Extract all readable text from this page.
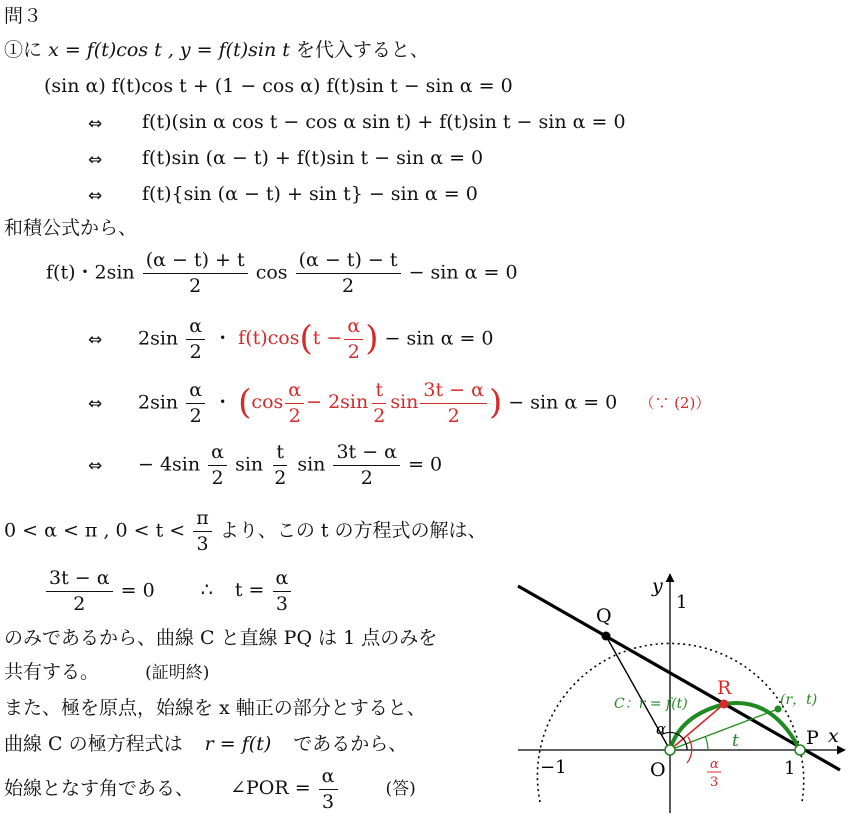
問３
①に x = f(t)cos t , y = f(t)sin t を代入すると、
(sin α) f(t)cos t + (1 − cos α) f(t)sin t − sin α = 0
⇔ f(t)(sin α cos t − cos α sin t) + f(t)sin t − sin α = 0
⇔ f(t)sin (α − t) + f(t)sin t − sin α = 0
⇔ f(t){sin (α − t) + sin t} − sin α = 0
和積公式から、
f(t)・$2\sin \frac{(\alpha - t) + t}{2}$ $\cos \frac{(\alpha - t) - t}{2} - \sin \alpha = 0$
⇔ $2\sin \frac{\alpha}{2}$ ・ $f(t)\cos(t - \frac{\alpha}{2}$ ) − sin α = 0
⇔ $2\sin \frac{\alpha}{2}$ ・ ($\cos \frac{\alpha}{2} - 2\sin \frac{t}{2}$ $\sin \frac{3t - \alpha}{2}$ ) − sin α = 0 （∵ (2)）
⇔ − $4\sin \frac{\alpha}{2}$ $\sin \frac{t}{2}$ $\sin \frac{3t - \alpha}{2} = 0$
0 < α < π , $0 < t < \frac{\pi}{3}$ より、この t の方程式の解は、
$\frac{3t - \alpha}{2} = 0$ ∴ $t = \frac{\alpha}{3}$
のみであるから、曲線 C と直線 PQ は 1 点のみを
共有する。	(証明終)
また、極を原点，始線を x 軸正の部分とすると、
曲線 C の極方程式は r = f(t) であるから、
始線となす角である、 ∠POR = $\frac{\alpha}{3}$	(答)
y
x
1
−1	1
O
P
Q
R
α
t
C：r = f(t)	(r，t)
α
3
